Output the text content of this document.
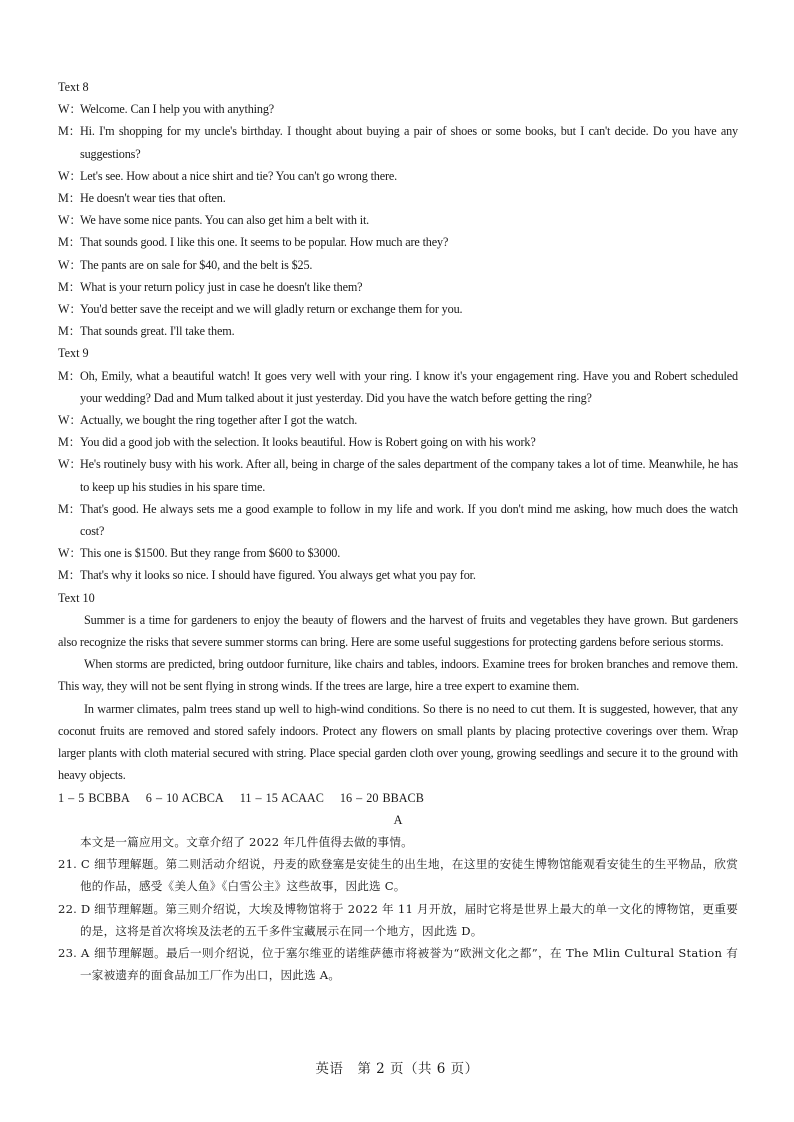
Text 8
W：Welcome. Can I help you with anything?
M：Hi. I'm shopping for my uncle's birthday. I thought about buying a pair of shoes or some books, but I can't decide. Do you have any suggestions?
W：Let's see. How about a nice shirt and tie? You can't go wrong there.
M：He doesn't wear ties that often.
W：We have some nice pants. You can also get him a belt with it.
M：That sounds good. I like this one. It seems to be popular. How much are they?
W：The pants are on sale for $40, and the belt is $25.
M：What is your return policy just in case he doesn't like them?
W：You'd better save the receipt and we will gladly return or exchange them for you.
M：That sounds great. I'll take them.
Text 9
M：Oh, Emily, what a beautiful watch! It goes very well with your ring. I know it's your engagement ring. Have you and Robert scheduled your wedding? Dad and Mum talked about it just yesterday. Did you have the watch before getting the ring?
W：Actually, we bought the ring together after I got the watch.
M：You did a good job with the selection. It looks beautiful. How is Robert going on with his work?
W：He's routinely busy with his work. After all, being in charge of the sales department of the company takes a lot of time. Meanwhile, he has to keep up his studies in his spare time.
M：That's good. He always sets me a good example to follow in my life and work. If you don't mind me asking, how much does the watch cost?
W：This one is $1500. But they range from $600 to $3000.
M：That's why it looks so nice. I should have figured. You always get what you pay for.
Text 10
Summer is a time for gardeners to enjoy the beauty of flowers and the harvest of fruits and vegetables they have grown. But gardeners also recognize the risks that severe summer storms can bring. Here are some useful suggestions for protecting gardens before serious storms.
When storms are predicted, bring outdoor furniture, like chairs and tables, indoors. Examine trees for broken branches and remove them. This way, they will not be sent flying in strong winds. If the trees are large, hire a tree expert to examine them.
In warmer climates, palm trees stand up well to high-wind conditions. So there is no need to cut them. It is suggested, however, that any coconut fruits are removed and stored safely indoors. Protect any flowers on small plants by placing protective coverings over them. Wrap larger plants with cloth material secured with string. Place special garden cloth over young, growing seedlings and secure it to the ground with heavy objects.
1 – 5 BCBBA 6 – 10 ACBCA 11 – 15 ACAAC 16 – 20 BBACB
A
本文是一篇应用文。文章介绍了 2022 年几件值得去做的事情。
21. C 细节理解题。第二则活动介绍说，丹麦的欧登塞是安徒生的出生地，在这里的安徒生博物馆能观看安徒生的生平物品，欣赏他的作品，感受《美人鱼》《白雪公主》这些故事，因此选 C。
22. D 细节理解题。第三则介绍说，大埃及博物馆将于 2022 年 11 月开放，届时它将是世界上最大的单一文化的博物馆，更重要的是，这将是首次将埃及法老的五千多件宝藏展示在同一个地方，因此选 D。
23. A 细节理解题。最后一则介绍说，位于塞尔维亚的诺维萨德市将被誉为“欧洲文化之都”，在 The Mlin Cultural Station 有一家被遗弃的面食品加工厂作为出口，因此选 A。
英语　第 2 页（共 6 页）
